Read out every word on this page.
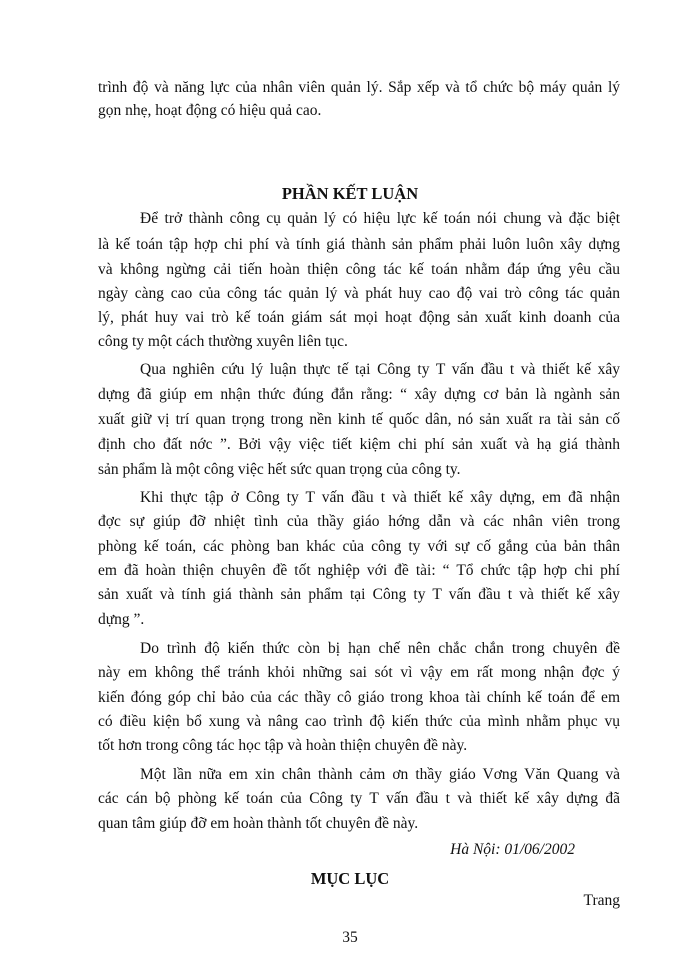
trình độ và năng lực của nhân viên quản lý. Sắp xếp và tổ chức bộ máy quản lý
gọn nhẹ, hoạt động có hiệu quả cao.
PHẦN KẾT LUẬN
Để trở thành công cụ quản lý có hiệu lực kế toán nói chung và đặc biệt
là kế toán tập hợp chi phí và tính giá thành sản phẩm phải luôn luôn xây dựng
và không ngừng cải tiến hoàn thiện công tác kế toán nhằm đáp ứng yêu cầu
ngày càng cao của công tác quản lý và phát huy cao độ vai trò công tác quản
lý, phát huy vai trò kế toán giám sát mọi hoạt động sản xuất kinh doanh của
công ty một cách thường xuyên liên tục.
Qua nghiên cứu lý luận thực tế tại Công ty T vấn đầu t và thiết kế xây
dựng đã giúp em nhận thức đúng đắn rằng: “ xây dựng cơ bản là ngành sản
xuất giữ vị trí quan trọng trong nền kinh tế quốc dân, nó sản xuất ra tài sản cố
định cho đất nớc ”. Bởi vậy việc tiết kiệm chi phí sản xuất và hạ giá thành
sản phẩm là một công việc hết sức quan trọng của công ty.
Khi thực tập ở Công ty T vấn đầu t và thiết kế xây dựng, em đã nhận
đợc sự giúp đỡ nhiệt tình của thầy giáo hớng dẫn và các nhân viên trong
phòng kế toán, các phòng ban khác của công ty với sự cố gắng của bản thân
em đã hoàn thiện chuyên đề tốt nghiệp với đề tài: “ Tổ chức tập hợp chi phí
sản xuất và tính giá thành sản phẩm tại Công ty T vấn đầu t và thiết kế xây
dựng ”.
Do trình độ kiến thức còn bị hạn chế nên chắc chắn trong chuyên đề
này em không thể tránh khỏi những sai sót vì vậy em rất mong nhận đợc ý
kiến đóng góp chỉ bảo của các thầy cô giáo trong khoa tài chính kế toán để em
có điều kiện bổ xung và nâng cao trình độ kiến thức của mình nhằm phục vụ
tốt hơn trong công tác học tập và hoàn thiện chuyên đề này.
Một lần nữa em xin chân thành cảm ơn thầy giáo Vơng Văn Quang và
các cán bộ phòng kế toán của Công ty T vấn đầu t và thiết kế xây dựng đã
quan tâm giúp đỡ em hoàn thành tốt chuyên đề này.
Hà Nội: 01/06/2002
MỤC LỤC
Trang
35
